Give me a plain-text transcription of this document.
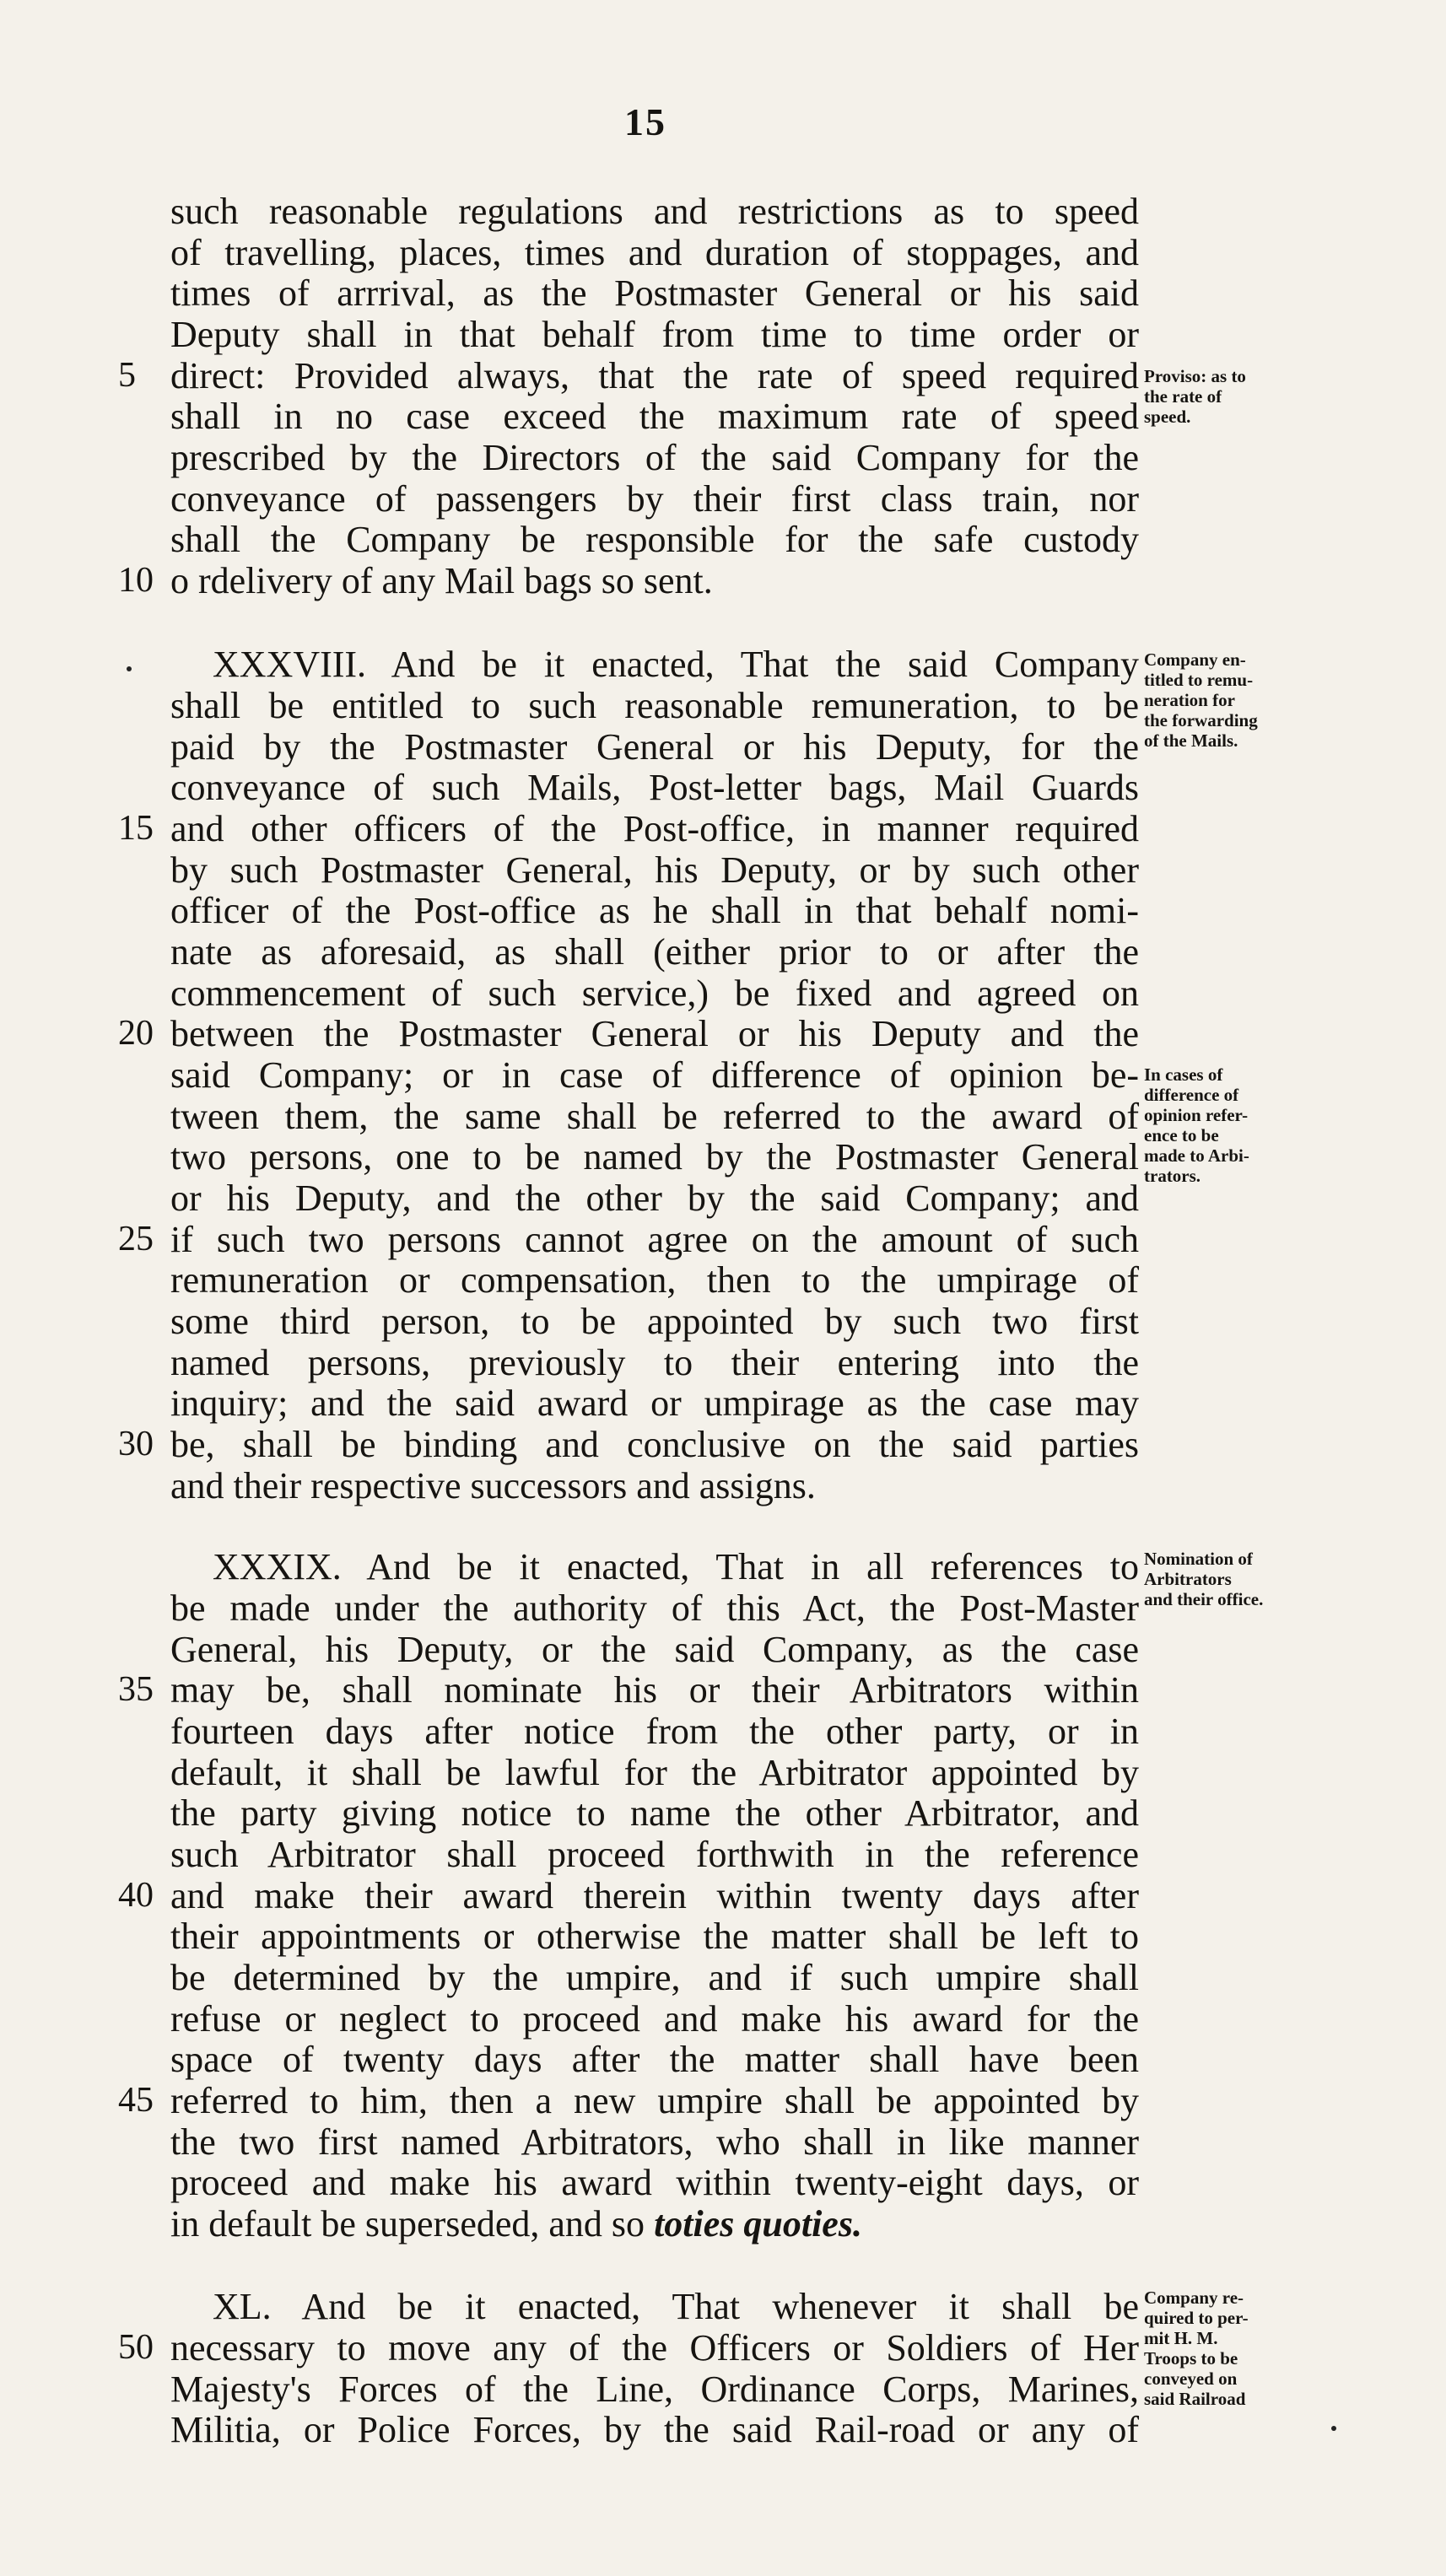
15
such reasonable regulations and restrictions as to speed
of travelling, places, times and duration of stoppages, and
times of arrrival, as the Postmaster General or his said
Deputy shall in that behalf from time to time order or
5 direct: Provided always, that the rate of speed required
shall in no case exceed the maximum rate of speed
prescribed by the Directors of the said Company for the
conveyance of passengers by their first class train, nor
shall the Company be responsible for the safe custody
10 o rdelivery of any Mail bags so sent.
Proviso: as to
the rate of
speed.
XXXVIII. And be it enacted, That the said Company
shall be entitled to such reasonable remuneration, to be
paid by the Postmaster General or his Deputy, for the
conveyance of such Mails, Post-letter bags, Mail Guards
15 and other officers of the Post-office, in manner required
by such Postmaster General, his Deputy, or by such other
officer of the Post-office as he shall in that behalf nomi-
nate as aforesaid, as shall (either prior to or after the
commencement of such service,) be fixed and agreed on
20 between the Postmaster General or his Deputy and the
said Company; or in case of difference of opinion be-
tween them, the same shall be referred to the award of
two persons, one to be named by the Postmaster General
or his Deputy, and the other by the said Company; and
25 if such two persons cannot agree on the amount of such
remuneration or compensation, then to the umpirage of
some third person, to be appointed by such two first
named persons, previously to their entering into the
inquiry; and the said award or umpirage as the case may
30 be, shall be binding and conclusive on the said parties
and their respective successors and assigns.
Company en-
titled to remu-
neration for
the forwarding
of the Mails.
In cases of
difference of
opinion refer-
ence to be
made to Arbi-
trators.
XXXIX. And be it enacted, That in all references to
be made under the authority of this Act, the Post-Master
General, his Deputy, or the said Company, as the case
35 may be, shall nominate his or their Arbitrators within
fourteen days after notice from the other party, or in
default, it shall be lawful for the Arbitrator appointed by
the party giving notice to name the other Arbitrator, and
such Arbitrator shall proceed forthwith in the reference
40 and make their award therein within twenty days after
their appointments or otherwise the matter shall be left to
be determined by the umpire, and if such umpire shall
refuse or neglect to proceed and make his award for the
space of twenty days after the matter shall have been
45 referred to him, then a new umpire shall be appointed by
the two first named Arbitrators, who shall in like manner
proceed and make his award within twenty-eight days, or
in default be superseded, and so toties quoties.
Nomination of
Arbitrators
and their office.
XL. And be it enacted, That whenever it shall be
50 necessary to move any of the Officers or Soldiers of Her
Majesty's Forces of the Line, Ordinance Corps, Marines,
Militia, or Police Forces, by the said Rail-road or any of
Company re-
quired to per-
mit H. M.
Troops to be
conveyed on
said Railroad
